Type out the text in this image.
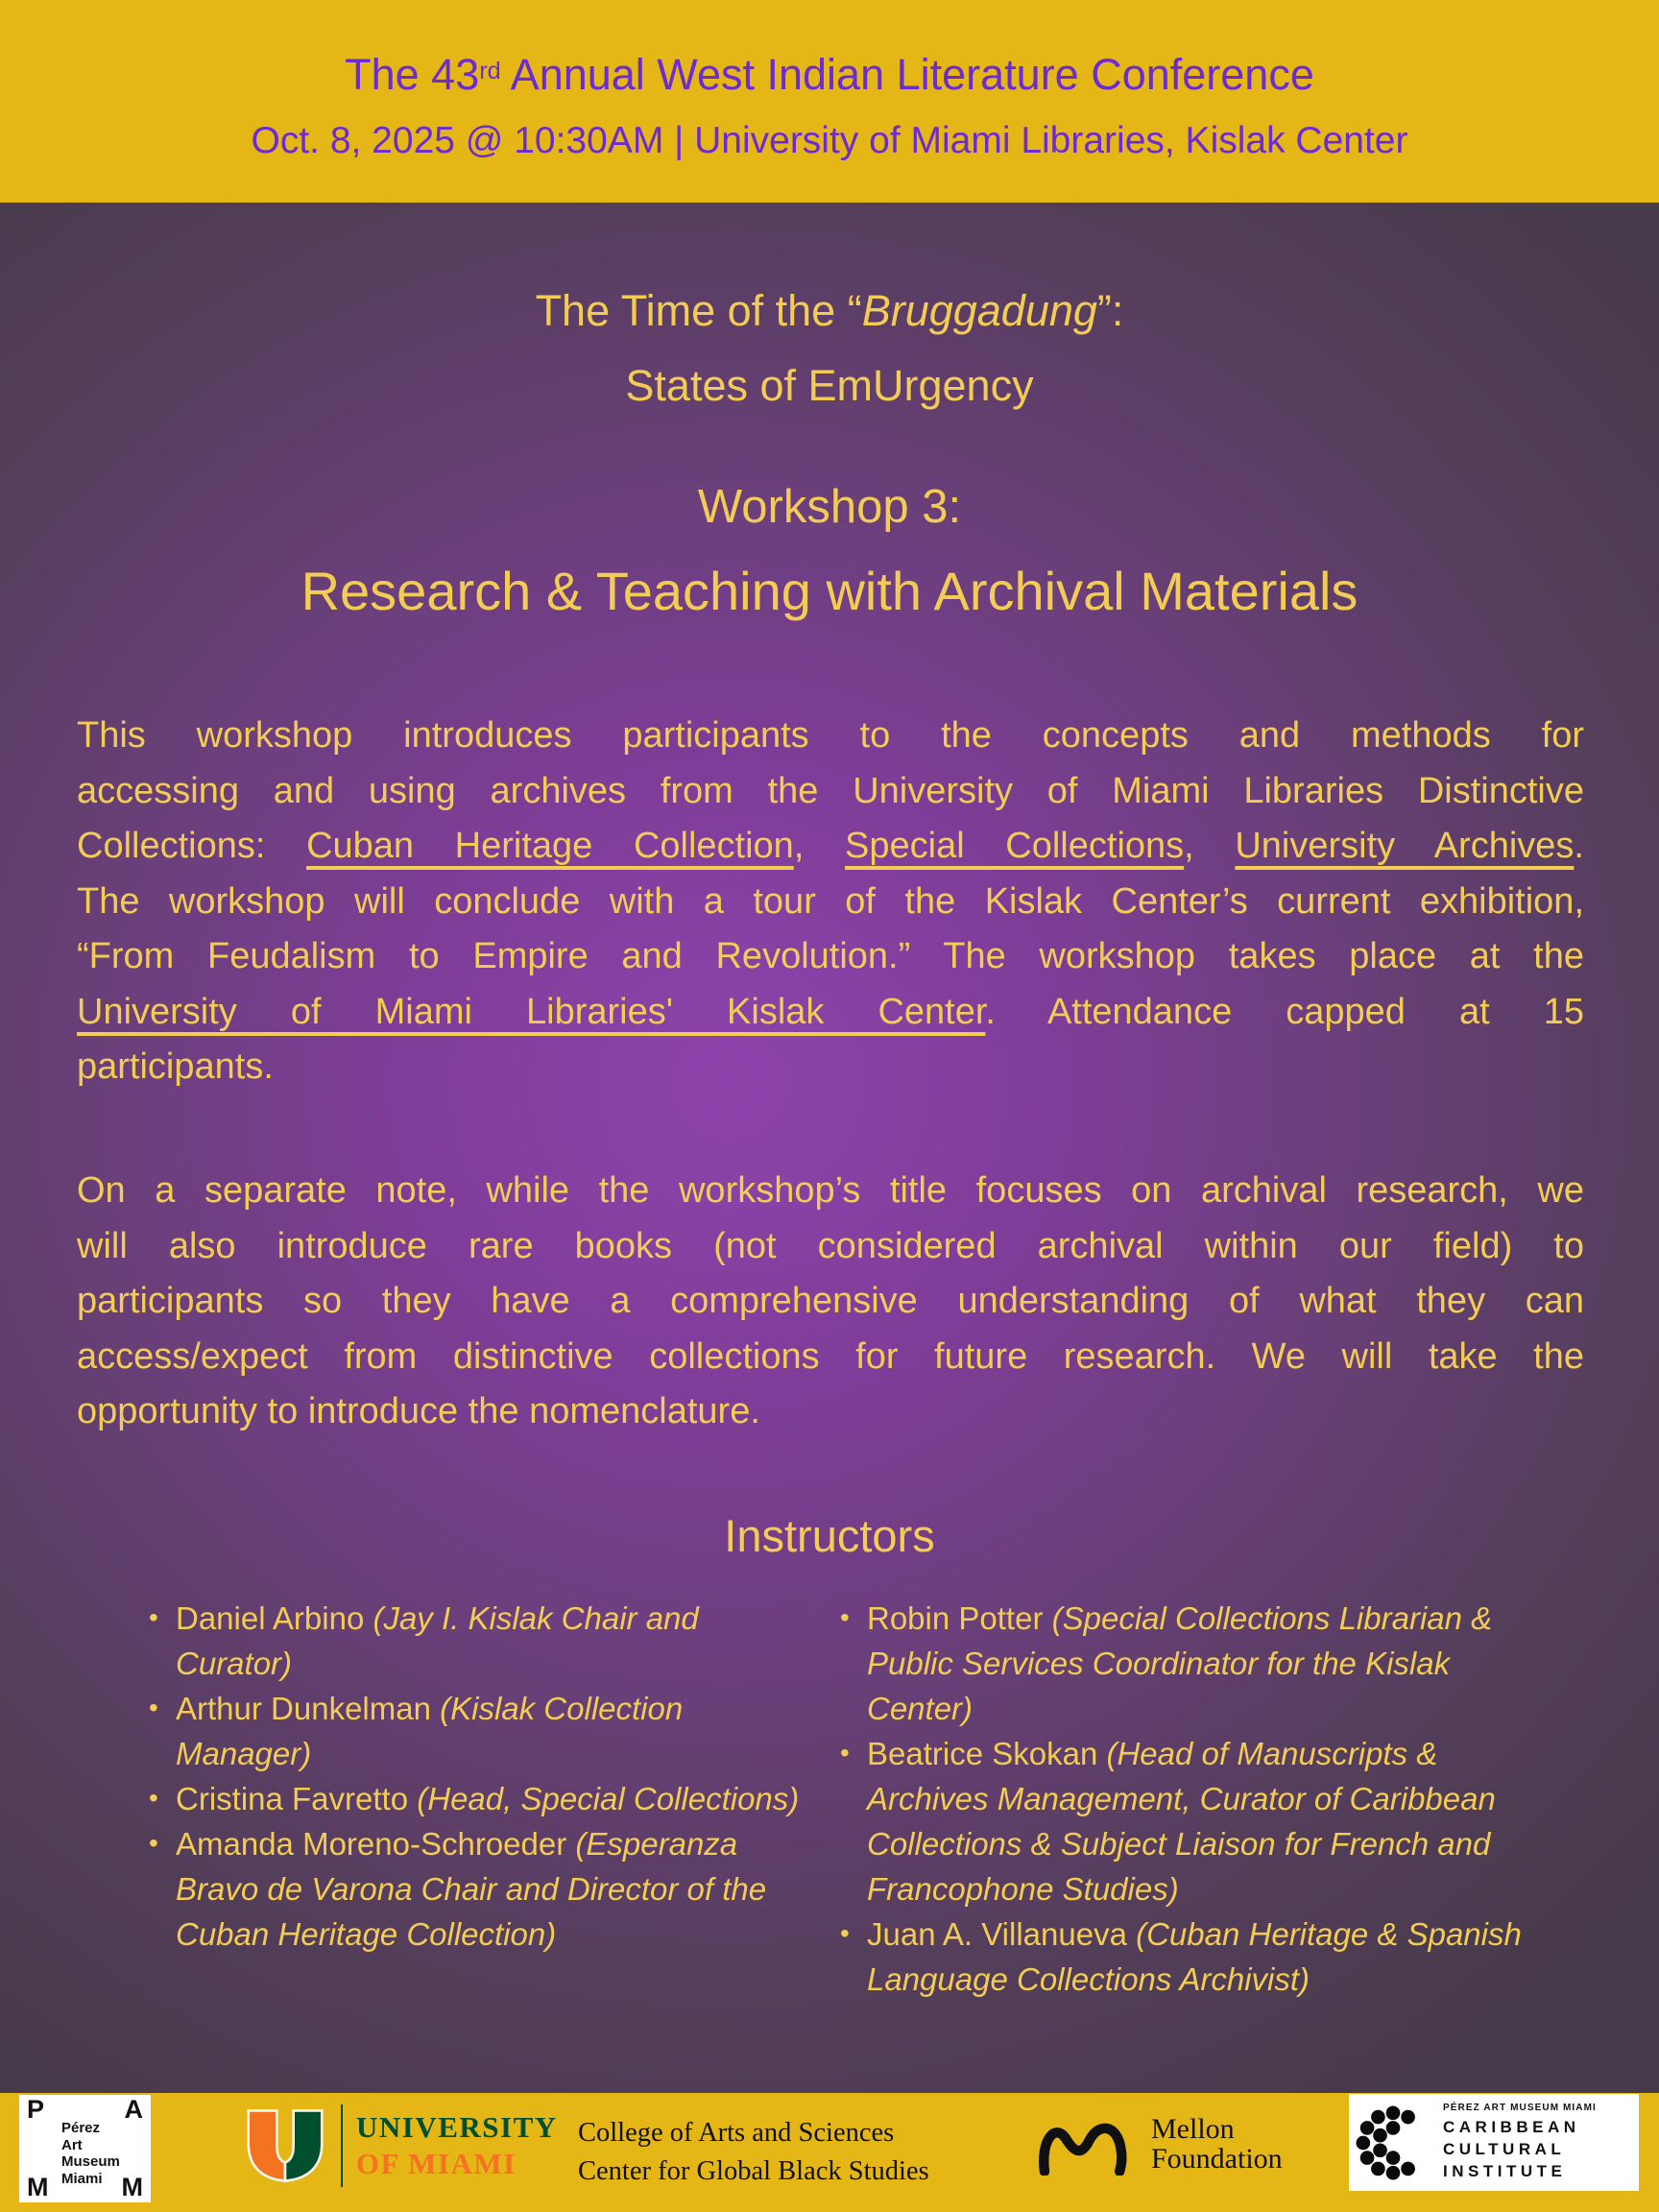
The 43rd Annual West Indian Literature Conference
Oct. 8, 2025 @ 10:30AM | University of Miami Libraries, Kislak Center
The Time of the “Bruggadung”:
States of EmUrgency
Workshop 3:
Research & Teaching with Archival Materials
This workshop introduces participants to the concepts and methods for
accessing and using archives from the University of Miami Libraries Distinctive
Collections: Cuban Heritage Collection, Special Collections, University Archives.
The workshop will conclude with a tour of the Kislak Center’s current exhibition,
“From Feudalism to Empire and Revolution.” The workshop takes place at the
University of Miami Libraries' Kislak Center. Attendance capped at 15
participants.
On a separate note, while the workshop’s title focuses on archival research, we
will also introduce rare books (not considered archival within our field) to
participants so they have a comprehensive understanding of what they can
access/expect from distinctive collections for future research. We will take the
opportunity to introduce the nomenclature.
Instructors
• Daniel Arbino (Jay I. Kislak Chair and Curator)
• Arthur Dunkelman (Kislak Collection Manager)
• Cristina Favretto (Head, Special Collections)
• Amanda Moreno-Schroeder (Esperanza Bravo de Varona Chair and Director of the Cuban Heritage Collection)
• Robin Potter (Special Collections Librarian & Public Services Coordinator for the Kislak Center)
• Beatrice Skokan (Head of Manuscripts & Archives Management, Curator of Caribbean Collections & Subject Liaison for French and Francophone Studies)
• Juan A. Villanueva (Cuban Heritage & Spanish Language Collections Archivist)
P	A
M	M
Pérez
Art
Museum
Miami
UNIVERSITY
OF MIAMI
College of Arts and Sciences
Center for Global Black Studies
Mellon
Foundation
PÉREZ ART MUSEUM MIAMI
CARIBBEAN
CULTURAL
INSTITUTE
